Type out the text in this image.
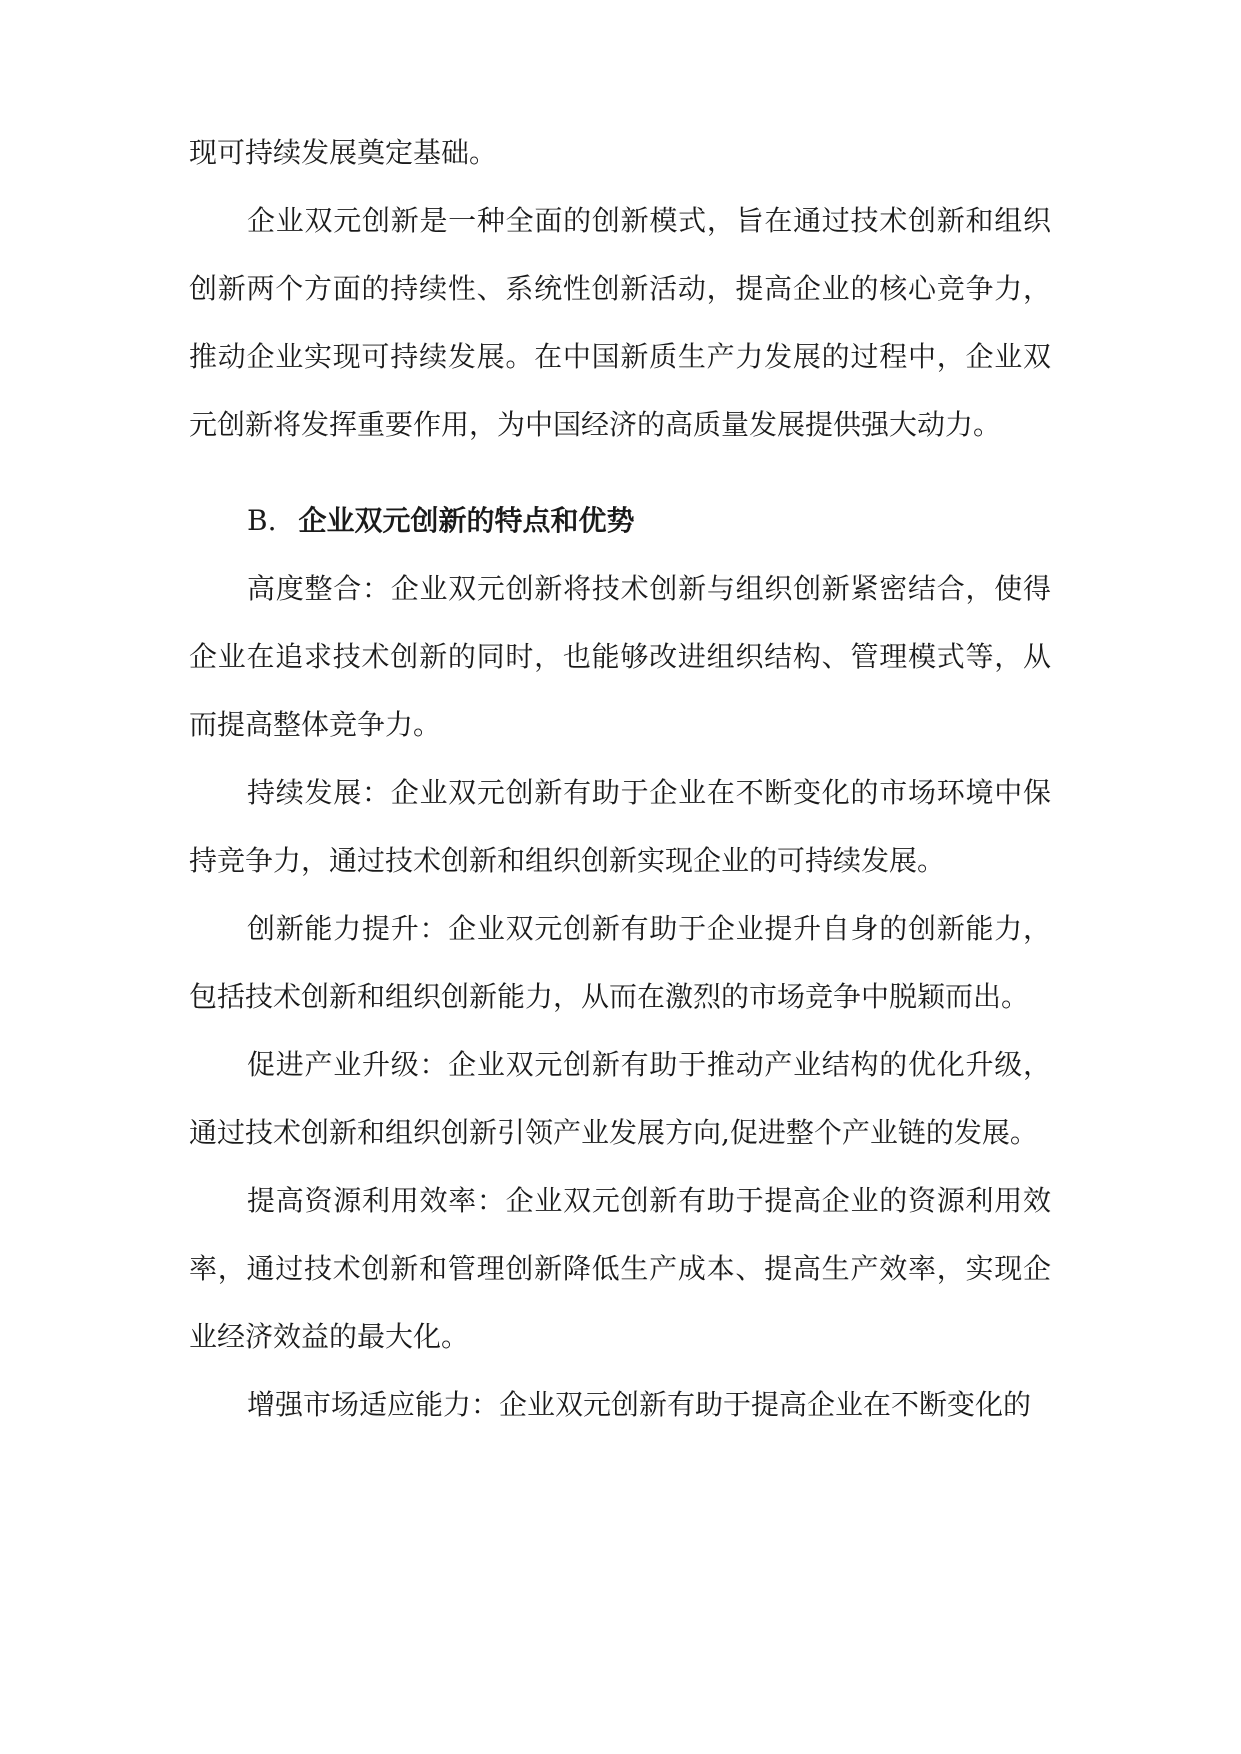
现可持续发展奠定基础。

企业双元创新是一种全面的创新模式，旨在通过技术创新和组织创新两个方面的持续性、系统性创新活动，提高企业的核心竞争力，推动企业实现可持续发展。在中国新质生产力发展的过程中，企业双元创新将发挥重要作用，为中国经济的高质量发展提供强大动力。

B. 企业双元创新的特点和优势

高度整合：企业双元创新将技术创新与组织创新紧密结合，使得企业在追求技术创新的同时，也能够改进组织结构、管理模式等，从而提高整体竞争力。

持续发展：企业双元创新有助于企业在不断变化的市场环境中保持竞争力，通过技术创新和组织创新实现企业的可持续发展。

创新能力提升：企业双元创新有助于企业提升自身的创新能力，包括技术创新和组织创新能力，从而在激烈的市场竞争中脱颖而出。

促进产业升级：企业双元创新有助于推动产业结构的优化升级，通过技术创新和组织创新引领产业发展方向,促进整个产业链的发展。

提高资源利用效率：企业双元创新有助于提高企业的资源利用效率，通过技术创新和管理创新降低生产成本、提高生产效率，实现企业经济效益的最大化。

增强市场适应能力：企业双元创新有助于提高企业在不断变化的
